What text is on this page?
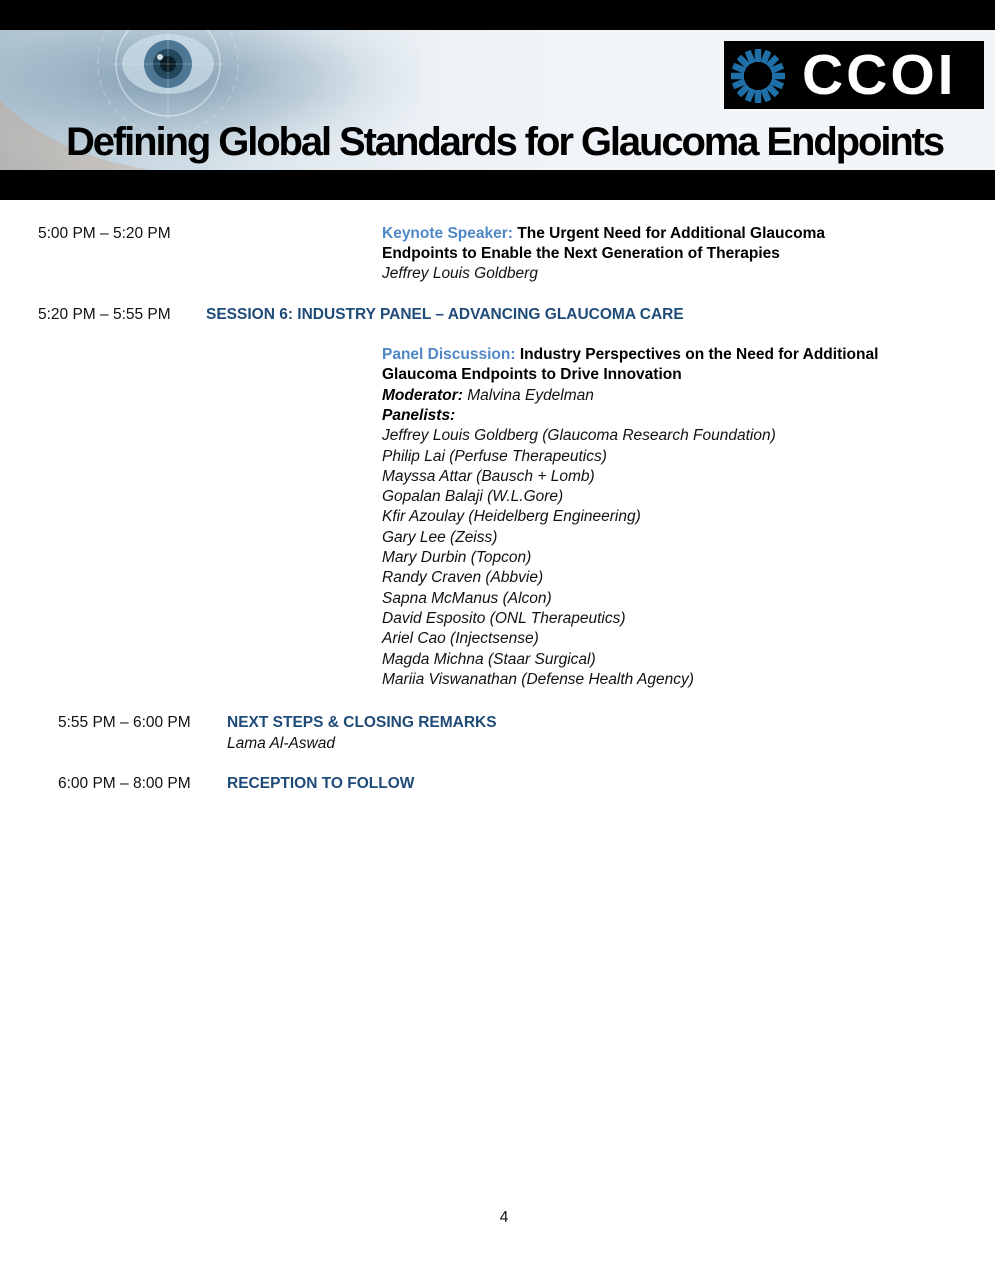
CCOI
Defining Global Standards for Glaucoma Endpoints
5:00 PM – 5:20 PM	Keynote Speaker: The Urgent Need for Additional Glaucoma
Endpoints to Enable the Next Generation of Therapies
Jeffrey Louis Goldberg
5:20 PM – 5:55 PM SESSION 6: INDUSTRY PANEL – ADVANCING GLAUCOMA CARE
Panel Discussion: Industry Perspectives on the Need for Additional
Glaucoma Endpoints to Drive Innovation
Moderator: Malvina Eydelman
Panelists:
Jeffrey Louis Goldberg (Glaucoma Research Foundation)
Philip Lai (Perfuse Therapeutics)
Mayssa Attar (Bausch + Lomb)
Gopalan Balaji (W.L.Gore)
Kfir Azoulay (Heidelberg Engineering)
Gary Lee (Zeiss)
Mary Durbin (Topcon)
Randy Craven (Abbvie)
Sapna McManus (Alcon)
David Esposito (ONL Therapeutics)
Ariel Cao (Injectsense)
Magda Michna (Staar Surgical)
Mariia Viswanathan (Defense Health Agency)
5:55 PM – 6:00 PM NEXT STEPS & CLOSING REMARKS
Lama Al-Aswad
6:00 PM – 8:00 PM RECEPTION TO FOLLOW
4
